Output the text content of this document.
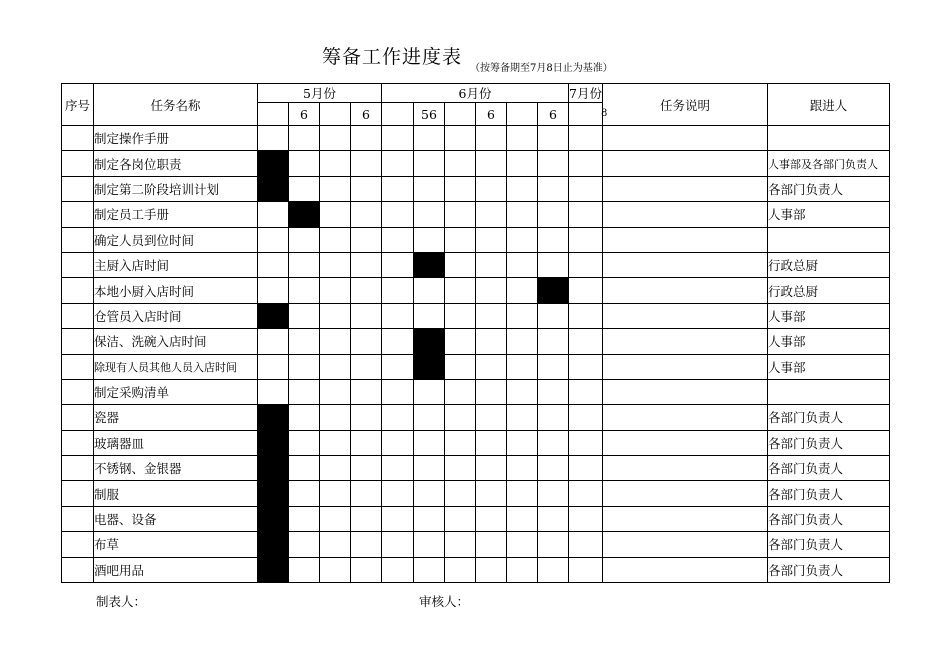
筹备工作进度表
（按筹备期至7月8日止为基准）
序号	任务名称	5月份				6月份						7月份	任务说明	跟进人
			6		6		56		6		6		
	制定操作手册													
	制定各岗位职责													人事部及各部门负责人
	制定第二阶段培训计划													各部门负责人
	制定员工手册													人事部
	确定人员到位时间													
	主厨入店时间													行政总厨
	本地小厨入店时间													行政总厨
	仓管员入店时间													人事部
	保洁、洗碗入店时间													人事部
	除现有人员其他人员入店时间													人事部
	制定采购清单													
	瓷器													各部门负责人
	玻璃器皿													各部门负责人
	不锈钢、金银器													各部门负责人
	制服													各部门负责人
	电器、设备													各部门负责人
	布草													各部门负责人
	酒吧用品													各部门负责人
制表人：	审核人：
8
